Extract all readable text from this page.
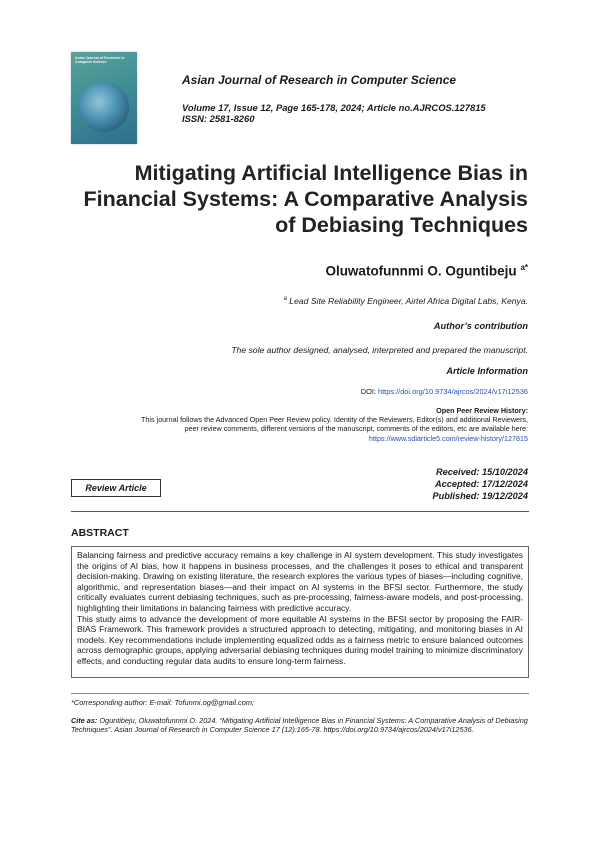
Asian Journal of Research in Computer Science
Asian Journal of Research in Computer Science
Volume 17, Issue 12, Page 165-178, 2024; Article no.AJRCOS.127815
ISSN: 2581-8260
Mitigating Artificial Intelligence Bias in Financial Systems: A Comparative Analysis of Debiasing Techniques
Oluwatofunnmi O. Oguntibeju $^{a*}$
$^a$ Lead Site Reliability Engineer, Airtel Africa Digital Labs, Kenya.
Author’s contribution
The sole author designed, analysed, interpreted and prepared the manuscript.
Article Information
DOI: https://doi.org/10.9734/ajrcos/2024/v17i12536
Open Peer Review History:
This journal follows the Advanced Open Peer Review policy. Identity of the Reviewers, Editor(s) and additional Reviewers,
peer review comments, different versions of the manuscript, comments of the editors, etc are available here:
https://www.sdiarticle5.com/review-history/127815
Review Article
Received: 15/10/2024
Accepted: 17/12/2024
Published: 19/12/2024
ABSTRACT

Balancing fairness and predictive accuracy remains a key challenge in AI system development. This study investigates the origins of AI bias, how it happens in business processes, and the challenges it poses to ethical and transparent decision-making. Drawing on existing literature, the research explores the various types of biases—including cognitive, algorithmic, and representation biases—and their impact on AI systems in the BFSI sector. Furthermore, the study critically evaluates current debiasing techniques, such as pre-processing, fairness-aware models, and post-processing, highlighting their limitations in balancing fairness with predictive accuracy.

This study aims to advance the development of more equitable AI systems in the BFSI sector by proposing the FAIR-BIAS Framework. This framework provides a structured approach to detecting, mitigating, and monitoring biases in AI models. Key recommendations include implementing equalized odds as a fairness metric to ensure balanced outcomes across demographic groups, applying adversarial debiasing techniques during model training to minimize discriminatory effects, and conducting regular data audits to ensure long-term fairness.

*Corresponding author: E-mail: Tofunmi.og@gmail.com;
Cite as: Oguntibeju, Oluwatofunnmi O. 2024. “Mitigating Artificial Intelligence Bias in Financial Systems: A Comparative Analysis of Debiasing Techniques”. Asian Journal of Research in Computer Science 17 (12):165-78. https://doi.org/10.9734/ajrcos/2024/v17i12536.
